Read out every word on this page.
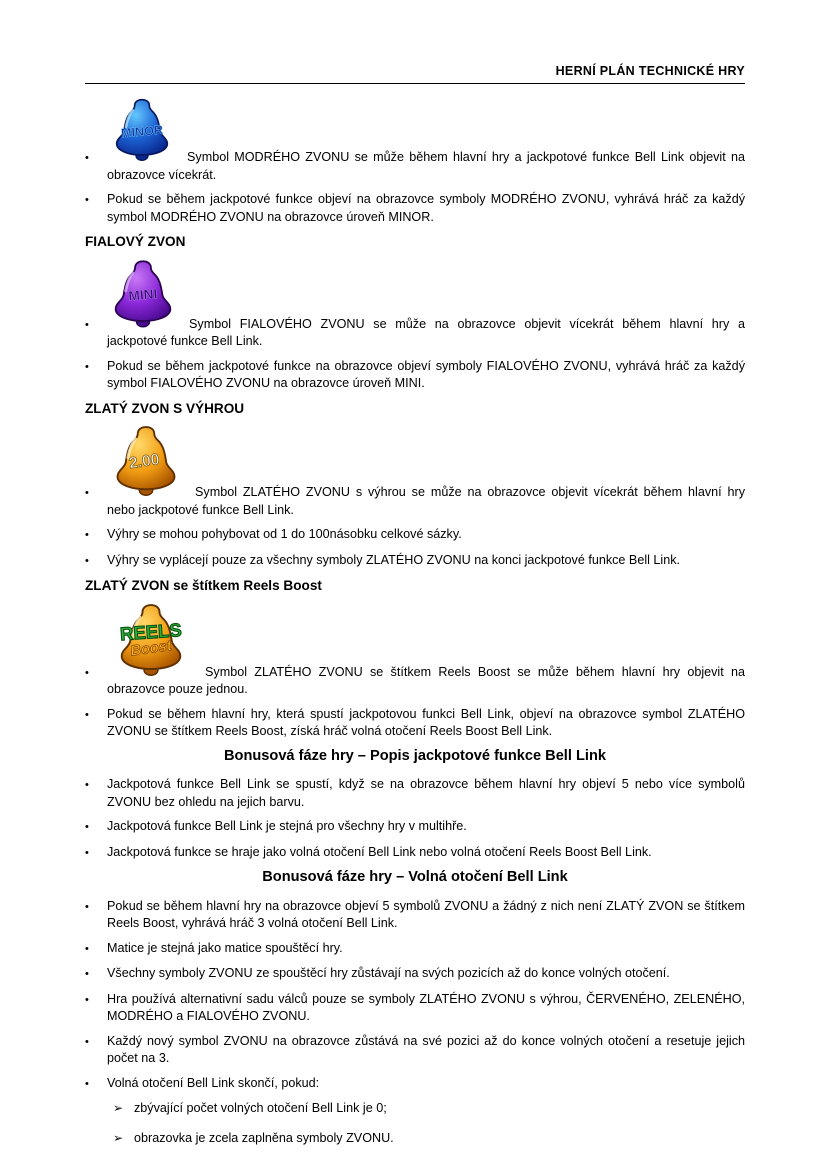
HERNÍ PLÁN TECHNICKÉ HRY
•
MINOR
Symbol MODRÉHO ZVONU se může během hlavní hry a jackpotové funkce Bell Link objevit na obrazovce vícekrát.
•	Pokud se během jackpotové funkce objeví na obrazovce symboly MODRÉHO ZVONU, vyhrává hráč za každý symbol MODRÉHO ZVONU na obrazovce úroveň MINOR.
FIALOVÝ ZVON
•
MINI
Symbol FIALOVÉHO ZVONU se může na obrazovce objevit vícekrát během hlavní hry a jackpotové funkce Bell Link.
•	Pokud se během jackpotové funkce na obrazovce objeví symboly FIALOVÉHO ZVONU, vyhrává hráč za každý symbol FIALOVÉHO ZVONU na obrazovce úroveň MINI.
ZLATÝ ZVON S VÝHROU
•
2.00
Symbol ZLATÉHO ZVONU s výhrou se může na obrazovce objevit vícekrát během hlavní hry nebo jackpotové funkce Bell Link.
•	Výhry se mohou pohybovat od 1 do 100násobku celkové sázky.
•	Výhry se vyplácejí pouze za všechny symboly ZLATÉHO ZVONU na konci jackpotové funkce Bell Link.
ZLATÝ ZVON se štítkem Reels Boost
•
REELS
Boost
Symbol ZLATÉHO ZVONU se štítkem Reels Boost se může během hlavní hry objevit na obrazovce pouze jednou.
•	Pokud se během hlavní hry, která spustí jackpotovou funkci Bell Link, objeví na obrazovce symbol ZLATÉHO ZVONU se štítkem Reels Boost, získá hráč volná otočení Reels Boost Bell Link.
Bonusová fáze hry – Popis jackpotové funkce Bell Link
•	Jackpotová funkce Bell Link se spustí, když se na obrazovce během hlavní hry objeví 5 nebo více symbolů ZVONU bez ohledu na jejich barvu.
•	Jackpotová funkce Bell Link je stejná pro všechny hry v multihře.
•	Jackpotová funkce se hraje jako volná otočení Bell Link nebo volná otočení Reels Boost Bell Link.
Bonusová fáze hry – Volná otočení Bell Link
•	Pokud se během hlavní hry na obrazovce objeví 5 symbolů ZVONU a žádný z nich není ZLATÝ ZVON se štítkem Reels Boost, vyhrává hráč 3 volná otočení Bell Link.
•	Matice je stejná jako matice spouštěcí hry.
•	Všechny symboly ZVONU ze spouštěcí hry zůstávají na svých pozicích až do konce volných otočení.
•	Hra používá alternativní sadu válců pouze se symboly ZLATÉHO ZVONU s výhrou, ČERVENÉHO, ZELENÉHO, MODRÉHO a FIALOVÉHO ZVONU.
•	Každý nový symbol ZVONU na obrazovce zůstává na své pozici až do konce volných otočení a resetuje jejich počet na 3.
•	Volná otočení Bell Link skončí, pokud:
➢ zbývající počet volných otočení Bell Link je 0;
➢ obrazovka je zcela zaplněna symboly ZVONU.
